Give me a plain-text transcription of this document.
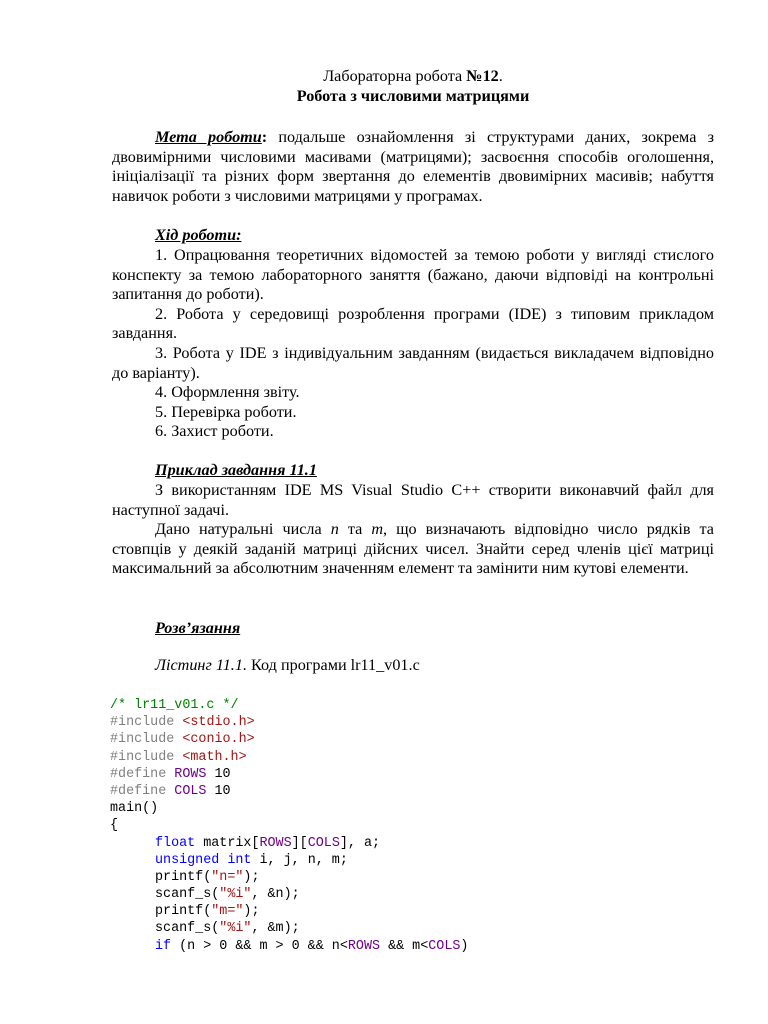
Лабораторна робота №12.
Робота з числовими матрицями
Мета роботи: подальше ознайомлення зі структурами даних, зокрема з двовимірними числовими масивами (матрицями); засвоєння способів оголошення, ініціалізації та різних форм звертання до елементів двовимірних масивів; набуття навичок роботи з числовими матрицями у програмах.
Хід роботи:
1. Опрацювання теоретичних відомостей за темою роботи у вигляді стислого конспекту за темою лабораторного заняття (бажано, даючи відповіді на контрольні запитання до роботи).
2. Робота у середовищі розроблення програми (IDE) з типовим прикладом завдання.
3. Робота у IDE з індивідуальним завданням (видається викладачем відповідно до варіанту).
4. Оформлення звіту.
5. Перевірка роботи.
6. Захист роботи.
Приклад завдання 11.1
З використанням IDE MS Visual Studio C++ створити виконавчий файл для наступної задачі.
Дано натуральні числа n та m, що визначають відповідно число рядків та стовпців у деякій заданій матриці дійсних чисел. Знайти серед членів цієї матриці максимальний за абсолютним значенням елемент та замінити ним кутові елементи.
Розв’язання
Лістинг 11.1. Код програми lr11_v01.c
/* lr11_v01.c */
#include <stdio.h>
#include <conio.h>
#include <math.h>
#define ROWS 10
#define COLS 10
main()
{
float matrix[ROWS][COLS], a;
unsigned int i, j, n, m;
printf("n=");
scanf_s("%i", &n);
printf("m=");
scanf_s("%i", &m);
if (n > 0 && m > 0 && n<ROWS && m<COLS)
